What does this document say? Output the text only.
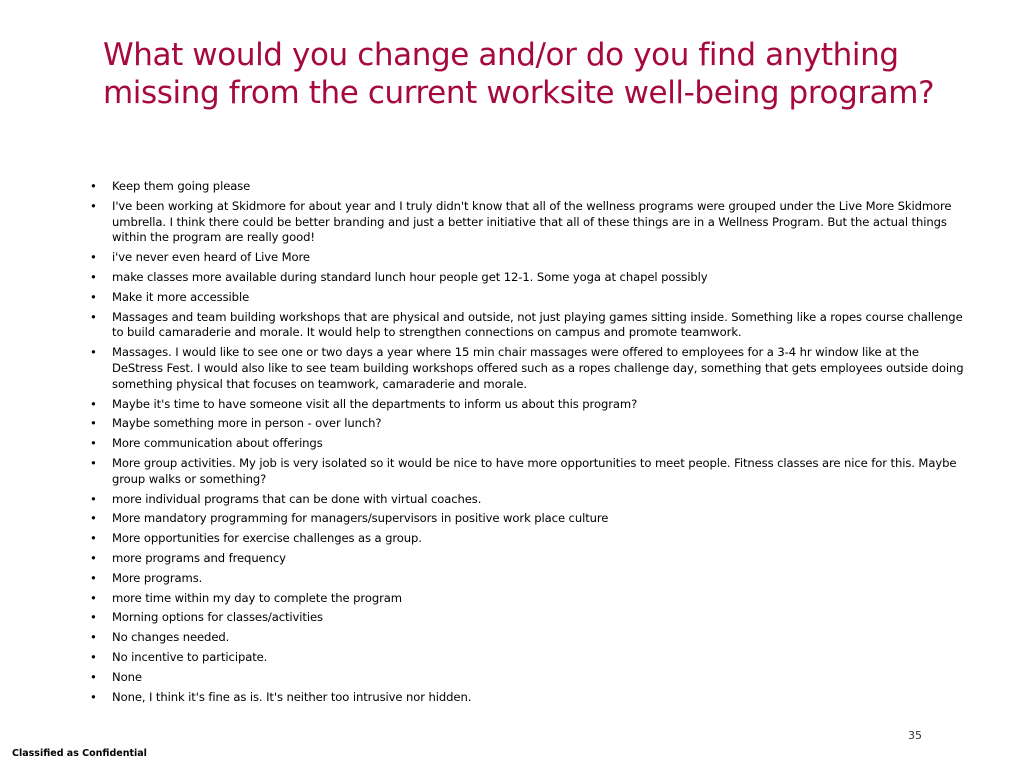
What would you change and/or do you find anything missing from the current worksite well-being program?
• Keep them going please
• I've been working at Skidmore for about year and I truly didn't know that all of the wellness programs were grouped under the Live More Skidmore umbrella. I think there could be better branding and just a better initiative that all of these things are in a Wellness Program. But the actual things within the program are really good!
• i've never even heard of Live More
• make classes more available during standard lunch hour people get 12-1. Some yoga at chapel possibly
• Make it more accessible
• Massages and team building workshops that are physical and outside, not just playing games sitting inside. Something like a ropes course challenge to build camaraderie and morale. It would help to strengthen connections on campus and promote teamwork.
• Massages. I would like to see one or two days a year where 15 min chair massages were offered to employees for a 3-4 hr window like at the DeStress Fest. I would also like to see team building workshops offered such as a ropes challenge day, something that gets employees outside doing something physical that focuses on teamwork, camaraderie and morale.
• Maybe it's time to have someone visit all the departments to inform us about this program?
• Maybe something more in person - over lunch?
• More communication about offerings
• More group activities. My job is very isolated so it would be nice to have more opportunities to meet people. Fitness classes are nice for this. Maybe group walks or something?
• more individual programs that can be done with virtual coaches.
• More mandatory programming for managers/supervisors in positive work place culture
• More opportunities for exercise challenges as a group.
• more programs and frequency
• More programs.
• more time within my day to complete the program
• Morning options for classes/activities
• No changes needed.
• No incentive to participate.
• None
• None, I think it's fine as is. It's neither too intrusive nor hidden.
35
Classified as Confidential
